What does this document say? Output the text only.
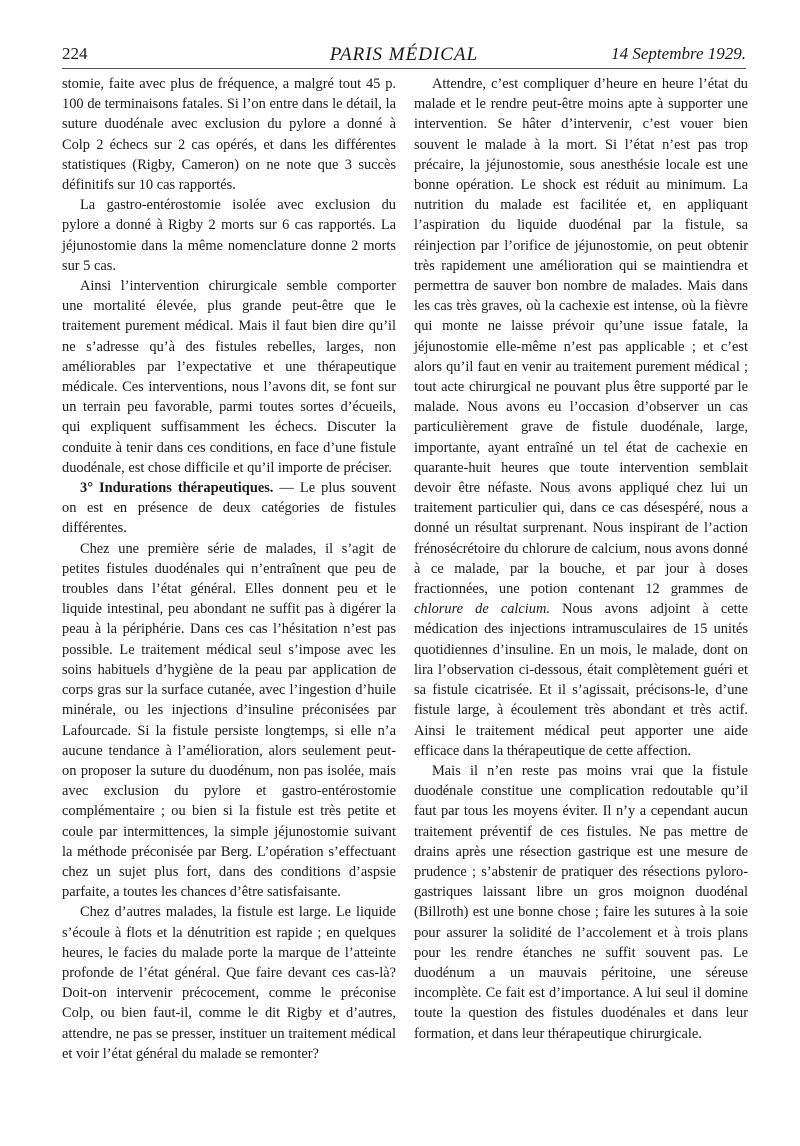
224	PARIS MÉDICAL	14 Septembre 1929.

stomie, faite avec plus de fréquence, a malgré tout 45 p. 100 de terminaisons fatales. Si l’on entre dans le détail, la suture duodénale avec exclusion du pylore a donné à Colp 2 échecs sur 2 cas opérés, et dans les différentes statistiques (Rigby, Cameron) on ne note que 3 succès définitifs sur 10 cas rapportés.

La gastro-entérostomie isolée avec exclusion du pylore a donné à Rigby 2 morts sur 6 cas rapportés. La jéjunostomie dans la même nomenclature donne 2 morts sur 5 cas.

Ainsi l’intervention chirurgicale semble comporter une mortalité élevée, plus grande peut-être que le traitement purement médical. Mais il faut bien dire qu’il ne s’adresse qu’à des fistules rebelles, larges, non améliorables par l’expectative et une thérapeutique médicale. Ces interventions, nous l’avons dit, se font sur un terrain peu favorable, parmi toutes sortes d’écueils, qui expliquent suffisamment les échecs. Discuter la conduite à tenir dans ces conditions, en face d’une fistule duodénale, est chose difficile et qu’il importe de préciser.

3° Indurations thérapeutiques. — Le plus souvent on est en présence de deux catégories de fistules différentes.

Chez une première série de malades, il s’agit de petites fistules duodénales qui n’entraînent que peu de troubles dans l’état général. Elles donnent peu et le liquide intestinal, peu abondant ne suffit pas à digérer la peau à la périphérie. Dans ces cas l’hésitation n’est pas possible. Le traitement médical seul s’impose avec les soins habituels d’hygiène de la peau par application de corps gras sur la surface cutanée, avec l’ingestion d’huile minérale, ou les injections d’insuline préconisées par Lafourcade. Si la fistule persiste longtemps, si elle n’a aucune tendance à l’amélioration, alors seulement peut-on proposer la suture du duodénum, non pas isolée, mais avec exclusion du pylore et gastro-entérostomie complémentaire ; ou bien si la fistule est très petite et coule par intermittences, la simple jéjunostomie suivant la méthode préconisée par Berg. L’opération s’effectuant chez un sujet plus fort, dans des conditions d’aspsie parfaite, a toutes les chances d’être satisfaisante.

Chez d’autres malades, la fistule est large. Le liquide s’écoule à flots et la dénutrition est rapide ; en quelques heures, le facies du malade porte la marque de l’atteinte profonde de l’état général. Que faire devant ces cas-là? Doit-on intervenir précocement, comme le préconise Colp, ou bien faut-il, comme le dit Rigby et d’autres, attendre, ne pas se presser, instituer un traitement médical et voir l’état général du malade se remonter?

Attendre, c’est compliquer d’heure en heure l’état du malade et le rendre peut-être moins apte à supporter une intervention. Se hâter d’intervenir, c’est vouer bien souvent le malade à la mort. Si l’état n’est pas trop précaire, la jéjunostomie, sous anesthésie locale est une bonne opération. Le shock est réduit au minimum. La nutrition du malade est facilitée et, en appliquant l’aspiration du liquide duodénal par la fistule, sa réinjection par l’orifice de jéjunostomie, on peut obtenir très rapidement une amélioration qui se maintiendra et permettra de sauver bon nombre de malades. Mais dans les cas très graves, où la cachexie est intense, où la fièvre qui monte ne laisse prévoir qu’une issue fatale, la jéjunostomie elle-même n’est pas applicable ; et c’est alors qu’il faut en venir au traitement purement médical ; tout acte chirurgical ne pouvant plus être supporté par le malade. Nous avons eu l’occasion d’observer un cas particulièrement grave de fistule duodénale, large, importante, ayant entraîné un tel état de cachexie en quarante-huit heures que toute intervention semblait devoir être néfaste. Nous avons appliqué chez lui un traitement particulier qui, dans ce cas désespéré, nous a donné un résultat surprenant. Nous inspirant de l’action frénosécrétoire du chlorure de calcium, nous avons donné à ce malade, par la bouche, et par jour à doses fractionnées, une potion contenant 12 grammes de chlorure de calcium. Nous avons adjoint à cette médication des injections intramusculaires de 15 unités quotidiennes d’insuline. En un mois, le malade, dont on lira l’observation ci-dessous, était complètement guéri et sa fistule cicatrisée. Et il s’agissait, précisons-le, d’une fistule large, à écoulement très abondant et très actif. Ainsi le traitement médical peut apporter une aide efficace dans la thérapeutique de cette affection.

Mais il n’en reste pas moins vrai que la fistule duodénale constitue une complication redoutable qu’il faut par tous les moyens éviter. Il n’y a cependant aucun traitement préventif de ces fistules. Ne pas mettre de drains après une résection gastrique est une mesure de prudence ; s’abstenir de pratiquer des résections pyloro-gastriques laissant libre un gros moignon duodénal (Billroth) est une bonne chose ; faire les sutures à la soie pour assurer la solidité de l’accolement et à trois plans pour les rendre étanches ne suffit souvent pas. Le duodénum a un mauvais péritoine, une séreuse incomplète. Ce fait est d’importance. A lui seul il domine toute la question des fistules duodénales et dans leur formation, et dans leur thérapeutique chirurgicale.
